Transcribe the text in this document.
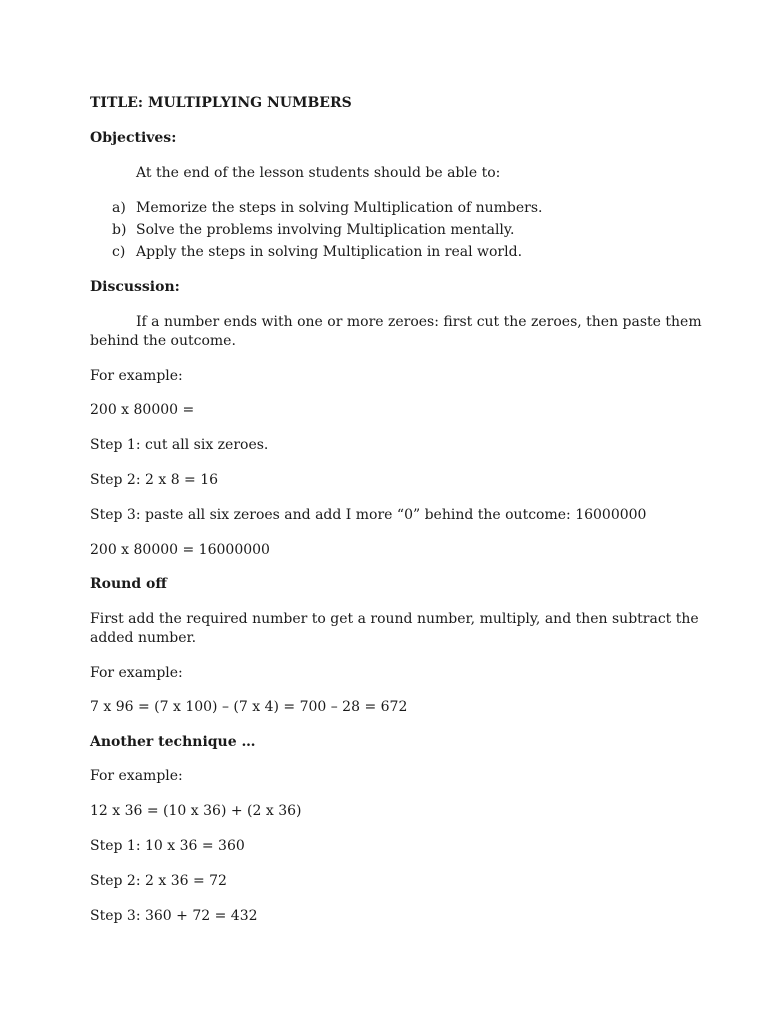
TITLE: MULTIPLYING NUMBERS
Objectives:
At the end of the lesson students should be able to:
a) Memorize the steps in solving Multiplication of numbers.
b) Solve the problems involving Multiplication mentally.
c) Apply the steps in solving Multiplication in real world.
Discussion:
If a number ends with one or more zeroes: first cut the zeroes, then paste them
behind the outcome.
For example:
200 x 80000 =
Step 1: cut all six zeroes.
Step 2: 2 x 8 = 16
Step 3: paste all six zeroes and add I more “0” behind the outcome: 16000000
200 x 80000 = 16000000
Round off
First add the required number to get a round number, multiply, and then subtract the
added number.
For example:
7 x 96 = (7 x 100) – (7 x 4) = 700 – 28 = 672
Another technique …
For example:
12 x 36 = (10 x 36) + (2 x 36)
Step 1: 10 x 36 = 360
Step 2: 2 x 36 = 72
Step 3: 360 + 72 = 432
